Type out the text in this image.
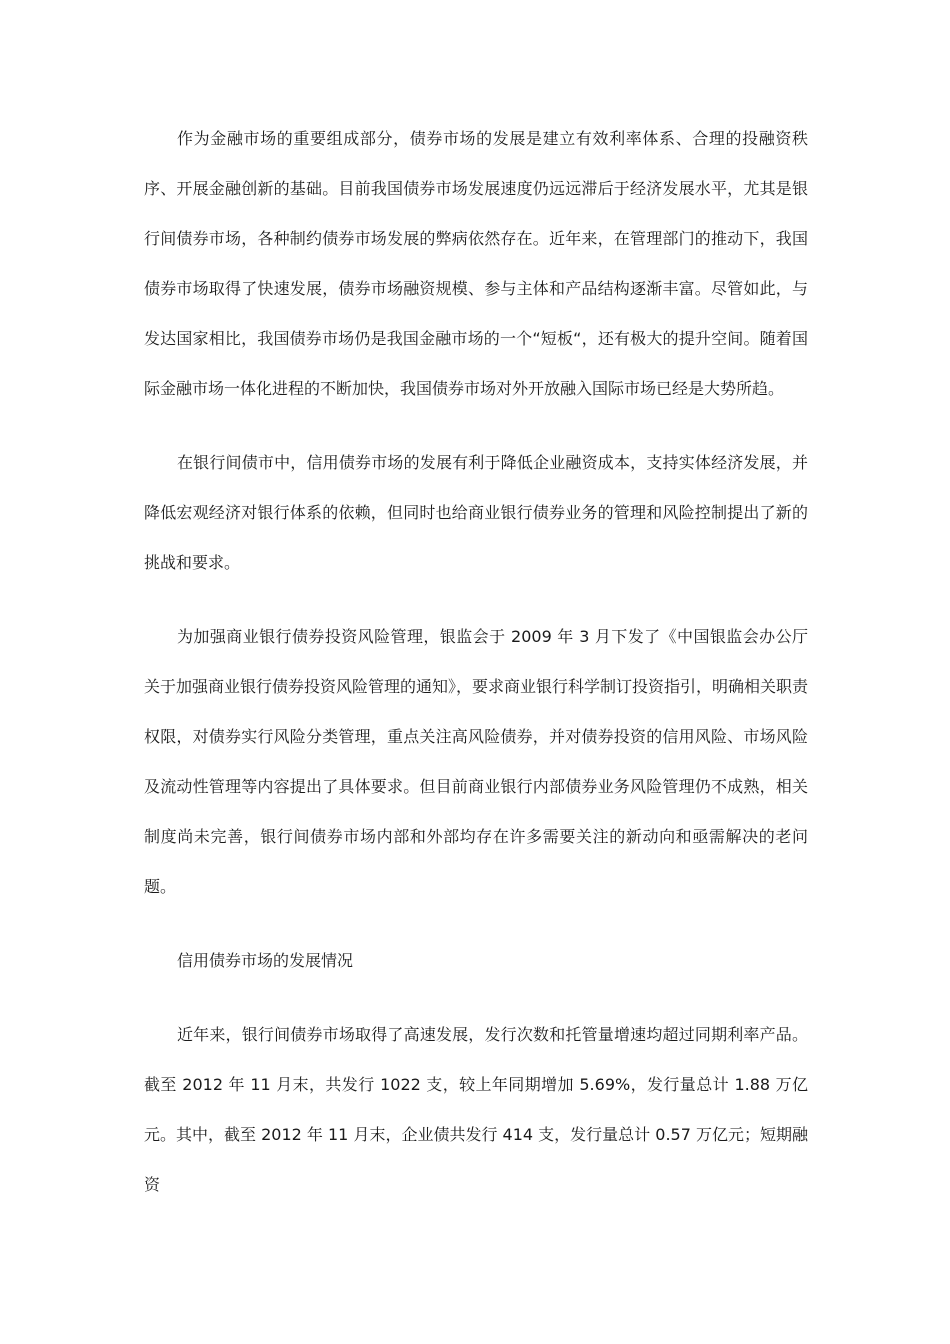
作为金融市场的重要组成部分，债券市场的发展是建立有效利率体系、合理的投融资秩序、开展金融创新的基础。目前我国债券市场发展速度仍远远滞后于经济发展水平，尤其是银行间债券市场，各种制约债券市场发展的弊病依然存在。近年来，在管理部门的推动下，我国债券市场取得了快速发展，债券市场融资规模、参与主体和产品结构逐渐丰富。尽管如此，与发达国家相比，我国债券市场仍是我国金融市场的一个“短板“，还有极大的提升空间。随着国际金融市场一体化进程的不断加快，我国债券市场对外开放融入国际市场已经是大势所趋。

在银行间债市中，信用债券市场的发展有利于降低企业融资成本，支持实体经济发展，并降低宏观经济对银行体系的依赖，但同时也给商业银行债券业务的管理和风险控制提出了新的挑战和要求。

为加强商业银行债券投资风险管理，银监会于 2009 年 3 月下发了《中国银监会办公厅关于加强商业银行债券投资风险管理的通知》，要求商业银行科学制订投资指引，明确相关职责权限，对债券实行风险分类管理，重点关注高风险债券，并对债券投资的信用风险、市场风险及流动性管理等内容提出了具体要求。但目前商业银行内部债券业务风险管理仍不成熟，相关制度尚未完善，银行间债券市场内部和外部均存在许多需要关注的新动向和亟需解决的老问题。

信用债券市场的发展情况

近年来，银行间债券市场取得了高速发展，发行次数和托管量增速均超过同期利率产品。截至 2012 年 11 月末，共发行 1022 支，较上年同期增加 5.69%，发行量总计 1.88 万亿元。其中，截至 2012 年 11 月末，企业债共发行 414 支，发行量总计 0.57 万亿元；短期融资
